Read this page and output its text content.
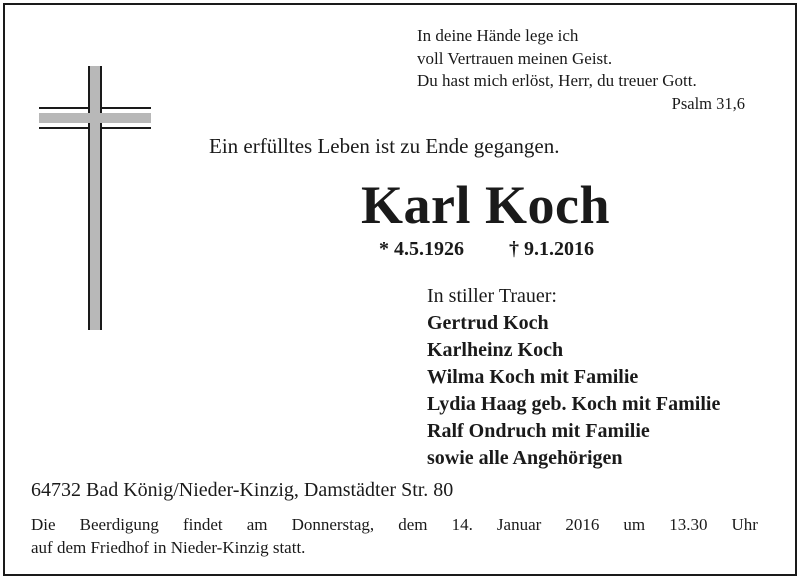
In deine Hände lege ich
voll Vertrauen meinen Geist.
Du hast mich erlöst, Herr, du treuer Gott.
Psalm 31,6
Ein erfülltes Leben ist zu Ende gegangen.
Karl Koch
* 4.5.1926 † 9.1.2016
In stiller Trauer:
Gertrud Koch
Karlheinz Koch
Wilma Koch mit Familie
Lydia Haag geb. Koch mit Familie
Ralf Ondruch mit Familie
sowie alle Angehörigen
64732 Bad König/Nieder-Kinzig, Damstädter Str. 80
Die Beerdigung findet am Donnerstag, dem 14. Januar 2016 um 13.30 Uhr
auf dem Friedhof in Nieder-Kinzig statt.
